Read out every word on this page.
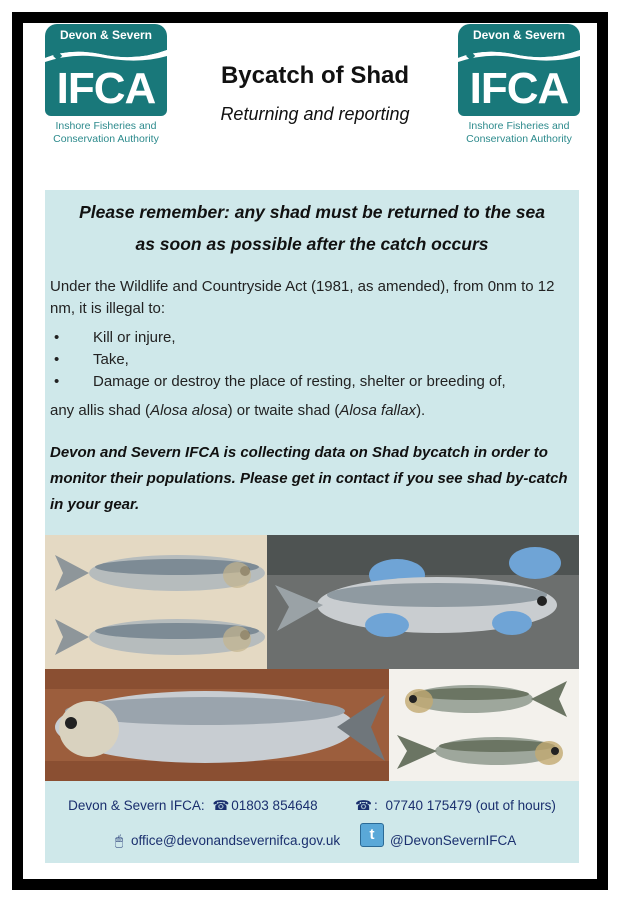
Devon & Severn
◆
IFCA
Inshore Fisheries and Conservation Authority
Devon & Severn
◆
IFCA
Inshore Fisheries and Conservation Authority
Bycatch of Shad
Returning and reporting
Please remember: any shad must be returned to the sea
as soon as possible after the catch occurs
Under the Wildlife and Countryside Act (1981, as amended), from 0nm to 12 nm, it is illegal to:
• Kill or injure,
• Take,
• Damage or destroy the place of resting, shelter or breeding of,
any allis shad (Alosa alosa) or twaite shad (Alosa fallax).
Devon and Severn IFCA is collecting data on Shad bycatch in order to monitor their populations. Please get in contact if you see shad by-catch in your gear.
Devon & Severn IFCA: ☎ 01803 854648	☎ : 07740 175479 (out of hours)
🖱 office@devonandsevernifca.gov.uk	t	@DevonSevernIFCA
